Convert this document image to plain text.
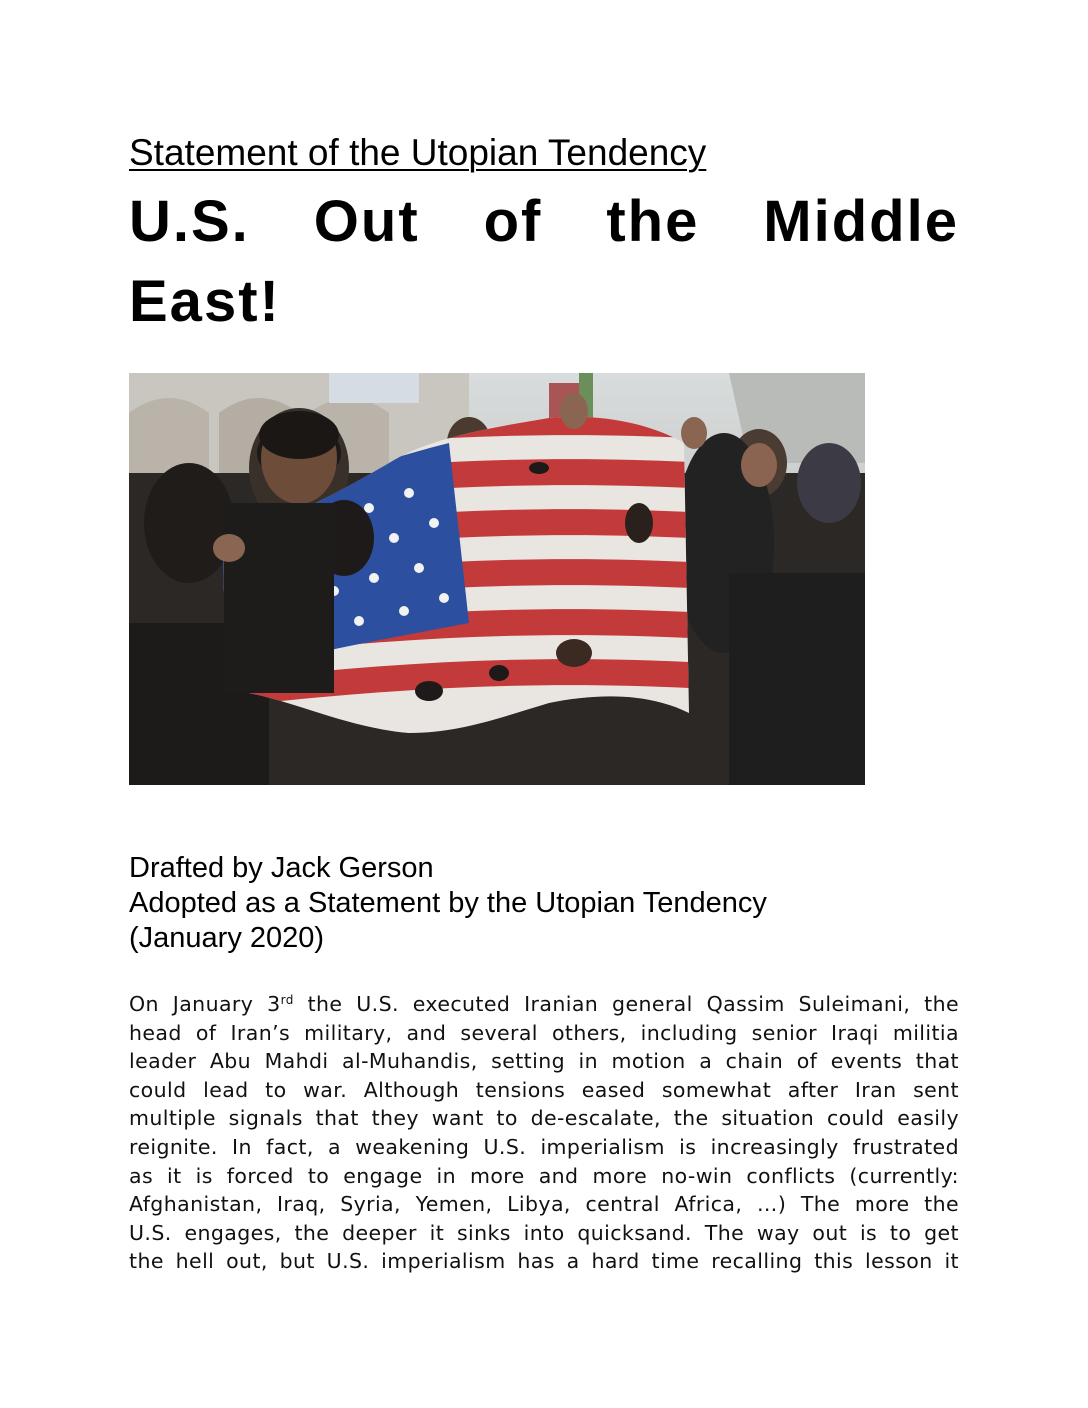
Statement of the Utopian Tendency
U.S. Out of the Middle
East!
Drafted by Jack Gerson
Adopted as a Statement by the Utopian Tendency
(January 2020)
On January 3rd the U.S. executed Iranian general Qassim Suleimani, the
head of Iran’s military, and several others, including senior Iraqi militia
leader Abu Mahdi al-Muhandis, setting in motion a chain of events that
could lead to war. Although tensions eased somewhat after Iran sent
multiple signals that they want to de-escalate, the situation could easily
reignite. In fact, a weakening U.S. imperialism is increasingly frustrated
as it is forced to engage in more and more no-win conflicts (currently:
Afghanistan, Iraq, Syria, Yemen, Libya, central Africa, …) The more the
U.S. engages, the deeper it sinks into quicksand. The way out is to get
the hell out, but U.S. imperialism has a hard time recalling this lesson it
